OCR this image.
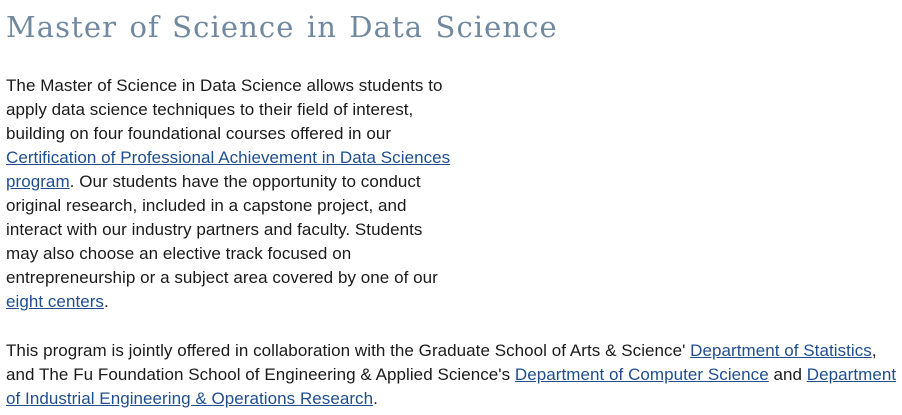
Master of Science in Data Science

The Master of Science in Data Science allows students to apply data science techniques to their field of interest, building on four foundational courses offered in our Certification of Professional Achievement in Data Sciences program. Our students have the opportunity to conduct original research, included in a capstone project, and interact with our industry partners and faculty. Students may also choose an elective track focused on entrepreneurship or a subject area covered by one of our eight centers.

This program is jointly offered in collaboration with the Graduate School of Arts & Science' Department of Statistics, and The Fu Foundation School of Engineering & Applied Science's Department of Computer Science and Department of Industrial Engineering & Operations Research.
